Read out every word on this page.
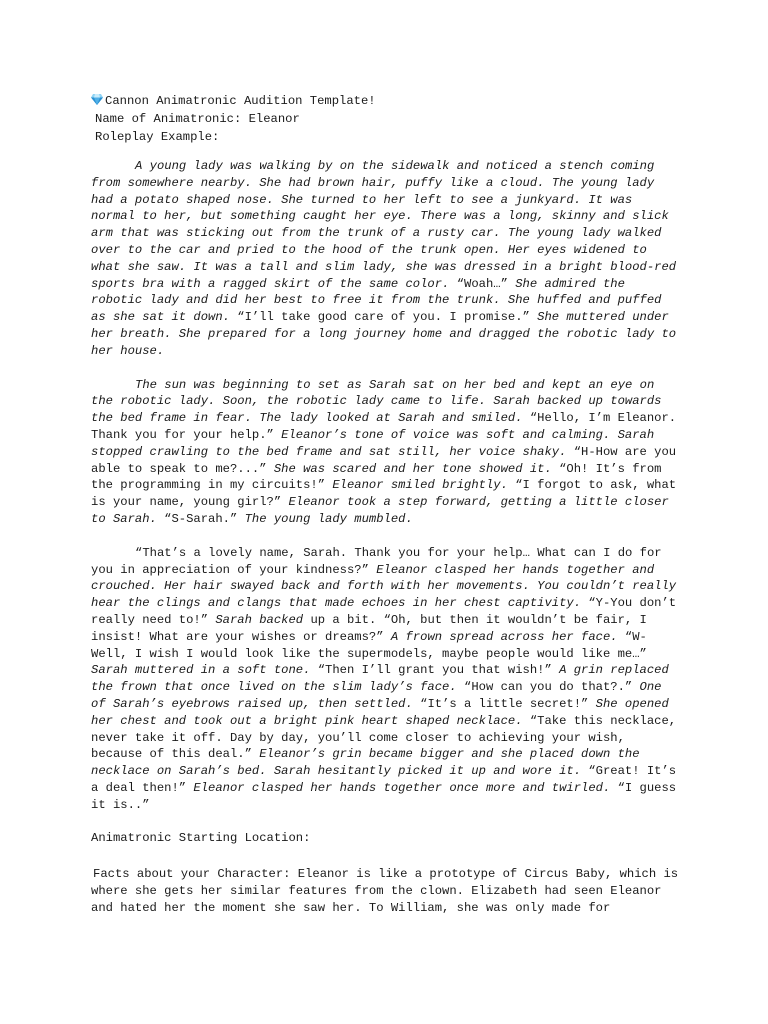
Cannon Animatronic Audition Template!

Name of Animatronic: Eleanor

Roleplay Example:

A young lady was walking by on the sidewalk and noticed a stench coming from somewhere nearby. She had brown hair, puffy like a cloud. The young lady had a potato shaped nose. She turned to her left to see a junkyard. It was normal to her, but something caught her eye. There was a long, skinny and slick arm that was sticking out from the trunk of a rusty car. The young lady walked over to the car and pried to the hood of the trunk open. Her eyes widened to what she saw. It was a tall and slim lady, she was dressed in a bright blood-red sports bra with a ragged skirt of the same color. “Woah…” She admired the robotic lady and did her best to free it from the trunk. She huffed and puffed as she sat it down. “I’ll take good care of you. I promise.” She muttered under her breath. She prepared for a long journey home and dragged the robotic lady to her house.

The sun was beginning to set as Sarah sat on her bed and kept an eye on the robotic lady. Soon, the robotic lady came to life. Sarah backed up towards the bed frame in fear. The lady looked at Sarah and smiled. “Hello, I’m Eleanor. Thank you for your help.” Eleanor’s tone of voice was soft and calming. Sarah stopped crawling to the bed frame and sat still, her voice shaky. “H-How are you able to speak to me?...” She was scared and her tone showed it. “Oh! It’s from the programming in my circuits!” Eleanor smiled brightly. “I forgot to ask, what is your name, young girl?” Eleanor took a step forward, getting a little closer to Sarah. “S-Sarah.” The young lady mumbled.

“That’s a lovely name, Sarah. Thank you for your help… What can I do for you in appreciation of your kindness?” Eleanor clasped her hands together and crouched. Her hair swayed back and forth with her movements. You couldn’t really hear the clings and clangs that made echoes in her chest captivity. “Y-You don’t really need to!” Sarah backed up a bit. “Oh, but then it wouldn’t be fair, I insist! What are your wishes or dreams?” A frown spread across her face. “W-Well, I wish I would look like the supermodels, maybe people would like me…” Sarah muttered in a soft tone. “Then I’ll grant you that wish!” A grin replaced the frown that once lived on the slim lady’s face. “How can you do that?.” One of Sarah’s eyebrows raised up, then settled. “It’s a little secret!” She opened her chest and took out a bright pink heart shaped necklace. “Take this necklace, never take it off. Day by day, you’ll come closer to achieving your wish, because of this deal.” Eleanor’s grin became bigger and she placed down the necklace on Sarah’s bed. Sarah hesitantly picked it up and wore it. “Great! It’s a deal then!” Eleanor clasped her hands together once more and twirled. “I guess it is..”

Animatronic Starting Location:

Facts about your Character: Eleanor is like a prototype of Circus Baby, which is where she gets her similar features from the clown. Elizabeth had seen Eleanor and hated her the moment she saw her. To William, she was only made for
